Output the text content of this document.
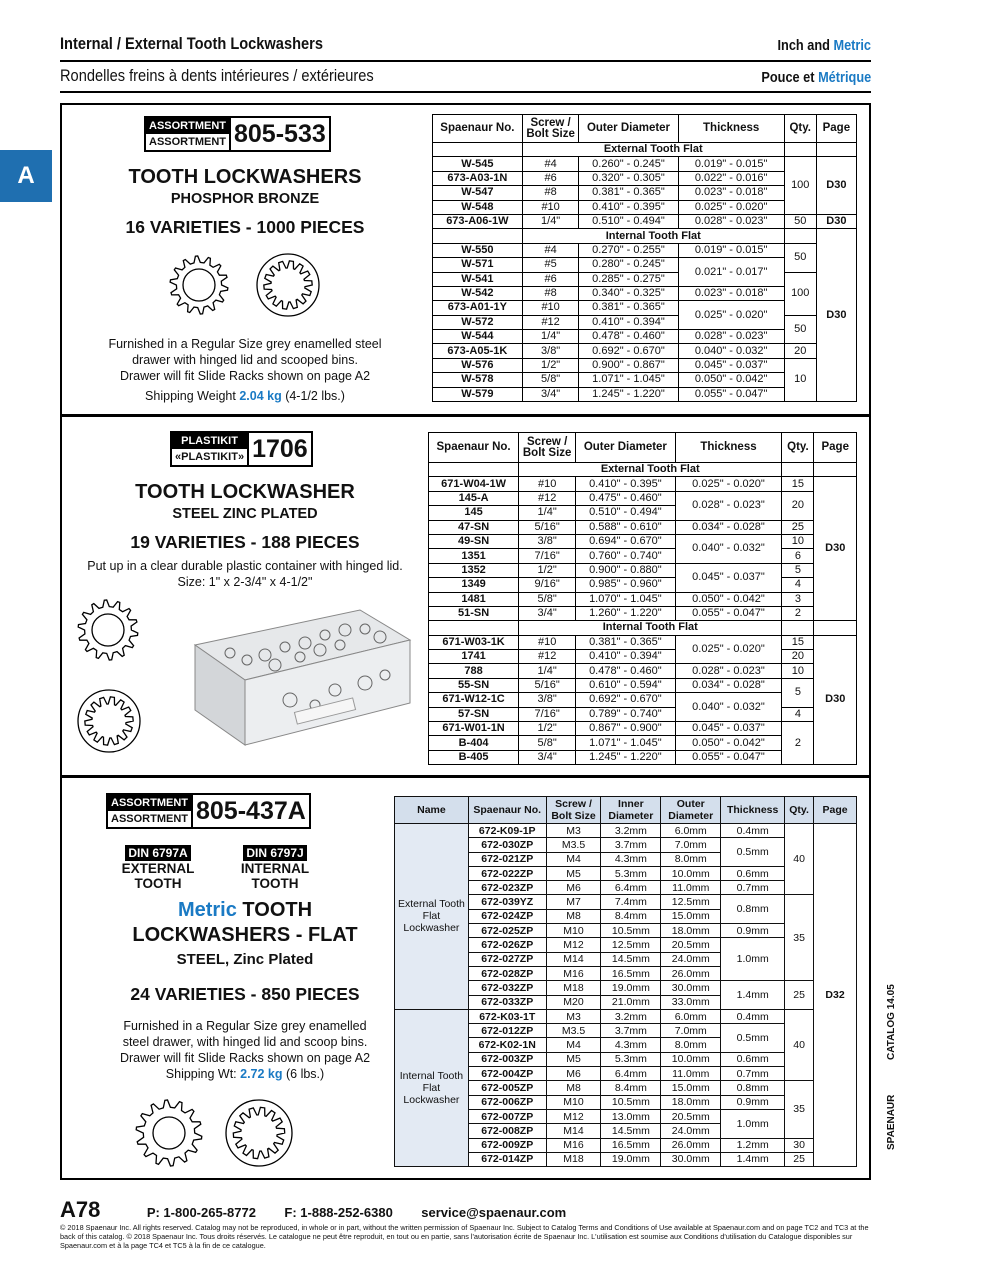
Internal / External Tooth Lockwashers	Inch and Metric
Rondelles freins à dents intérieures / extérieures	Pouce et Métrique
A
ASSORTMENT
ASSORTMENT 805-533
TOOTH LOCKWASHERS
PHOSPHOR BRONZE
16 VARIETIES - 1000 PIECES
Furnished in a Regular Size grey enamelled steel
drawer with hinged lid and scooped bins.
Drawer will fit Slide Racks shown on page A2
Shipping Weight 2.04 kg (4-1/2 lbs.)
Spaenaur No.	Screw / Bolt Size	Outer Diameter	Thickness	Qty.	Page
	External Tooth Flat				
W-545	#4	0.260" - 0.245"	0.019" - 0.015"	100	D30
673-A03-1N	#6	0.320" - 0.305"	0.022" - 0.016"		
W-547	#8	0.381" - 0.365"	0.023" - 0.018"		
W-548	#10	0.410" - 0.395"	0.025" - 0.020"		
673-A06-1W	1/4"	0.510" - 0.494"	0.028" - 0.023"	50	D30
	Internal Tooth Flat				D30
W-550	#4	0.270" - 0.255"	0.019" - 0.015"	50	
W-571	#5	0.280" - 0.245"	0.021" - 0.017"		
W-541	#6	0.285" - 0.275"		100	
W-542	#8	0.340" - 0.325"	0.023" - 0.018"		
673-A01-1Y	#10	0.381" - 0.365"	0.025" - 0.020"		
W-572	#12	0.410" - 0.394"		50	
W-544	1/4"	0.478" - 0.460"	0.028" - 0.023"		
673-A05-1K	3/8"	0.692" - 0.670"	0.040" - 0.032"	20	
W-576	1/2"	0.900" - 0.867"	0.045" - 0.037"	10	
W-578	5/8"	1.071" - 1.045"	0.050" - 0.042"		
W-579	3/4"	1.245" - 1.220"	0.055" - 0.047"		
PLASTIKIT
«PLASTIKIT» 1706
TOOTH LOCKWASHER
STEEL ZINC PLATED
19 VARIETIES - 188 PIECES
Put up in a clear durable plastic container with hinged lid.
Size: 1" x 2-3/4" x 4-1/2"
Spaenaur No.	Screw / Bolt Size	Outer Diameter	Thickness	Qty.	Page
	External Tooth Flat				
671-W04-1W	#10	0.410" - 0.395"	0.025" - 0.020"	15	D30
145-A	#12	0.475" - 0.460"	0.028" - 0.023"	20	
145	1/4"	0.510" - 0.494"			
47-SN	5/16"	0.588" - 0.610"	0.034" - 0.028"	25	
49-SN	3/8"	0.694" - 0.670"	0.040" - 0.032"	10	
1351	7/16"	0.760" - 0.740"		6	
1352	1/2"	0.900" - 0.880"	0.045" - 0.037"	5	
1349	9/16"	0.985" - 0.960"		4	
1481	5/8"	1.070" - 1.045"	0.050" - 0.042"	3	
51-SN	3/4"	1.260" - 1.220"	0.055" - 0.047"	2	
	Internal Tooth Flat				
671-W03-1K	#10	0.381" - 0.365"	0.025" - 0.020"	15	D30
1741	#12	0.410" - 0.394"		20	
788	1/4"	0.478" - 0.460"	0.028" - 0.023"	10	
55-SN	5/16"	0.610" - 0.594"	0.034" - 0.028"	5	
671-W12-1C	3/8"	0.692" - 0.670"	0.040" - 0.032"		
57-SN	7/16"	0.789" - 0.740"		4	
671-W01-1N	1/2"	0.867" - 0.900"	0.045" - 0.037"	2	
B-404	5/8"	1.071" - 1.045"	0.050" - 0.042"		
B-405	3/4"	1.245" - 1.220"	0.055" - 0.047"		
ASSORTMENT
ASSORTMENT 805-437A
DIN 6797A
EXTERNAL
TOOTH
DIN 6797J
INTERNAL
TOOTH
Metric TOOTH
LOCKWASHERS - FLAT
STEEL, Zinc Plated
24 VARIETIES - 850 PIECES
Furnished in a Regular Size grey enamelled
steel drawer, with hinged lid and scoop bins.
Drawer will fit Slide Racks shown on page A2
Shipping Wt: 2.72 kg (6 lbs.)
Name	Spaenaur No.	Screw / Bolt Size	Inner Diameter	Outer Diameter	Thickness	Qty.	Page
External Tooth Flat Lockwasher	672-K09-1P	M3	3.2mm	6.0mm	0.4mm	40	D32
	672-030ZP	M3.5	3.7mm	7.0mm	0.5mm		
	672-021ZP	M4	4.3mm	8.0mm			
	672-022ZP	M5	5.3mm	10.0mm	0.6mm		
	672-023ZP	M6	6.4mm	11.0mm	0.7mm		
	672-039YZ	M7	7.4mm	12.5mm	0.8mm	35	
	672-024ZP	M8	8.4mm	15.0mm			
	672-025ZP	M10	10.5mm	18.0mm	0.9mm		
	672-026ZP	M12	12.5mm	20.5mm	1.0mm		
	672-027ZP	M14	14.5mm	24.0mm			
	672-028ZP	M16	16.5mm	26.0mm			
	672-032ZP	M18	19.0mm	30.0mm	1.4mm	25	
	672-033ZP	M20	21.0mm	33.0mm			
Internal Tooth Flat Lockwasher	672-K03-1T	M3	3.2mm	6.0mm	0.4mm	40	
	672-012ZP	M3.5	3.7mm	7.0mm	0.5mm		
	672-K02-1N	M4	4.3mm	8.0mm			
	672-003ZP	M5	5.3mm	10.0mm	0.6mm		
	672-004ZP	M6	6.4mm	11.0mm	0.7mm		
	672-005ZP	M8	8.4mm	15.0mm	0.8mm	35	
	672-006ZP	M10	10.5mm	18.0mm	0.9mm		
	672-007ZP	M12	13.0mm	20.5mm	1.0mm		
	672-008ZP	M14	14.5mm	24.0mm			
	672-009ZP	M16	16.5mm	26.0mm	1.2mm	30	
	672-014ZP	M18	19.0mm	30.0mm	1.4mm	25	
CATALOG 14.05
SPAENAUR
A78	P: 1-800-265-8772 F: 1-888-252-6380 service@spaenaur.com
© 2018 Spaenaur Inc. All rights reserved. Catalog may not be reproduced, in whole or in part, without the written permission of Spaenaur Inc. Subject to Catalog Terms and Conditions of Use available at Spaenaur.com and on page TC2 and TC3 at the back of this catalog. © 2018 Spaenaur Inc. Tous droits réservés. Le catalogue ne peut être reproduit, en tout ou en partie, sans l'autorisation écrite de Spaenaur Inc. L'utilisation est soumise aux Conditions d'utilisation du Catalogue disponibles sur Spaenaur.com et à la page TC4 et TC5 à la fin de ce catalogue.
